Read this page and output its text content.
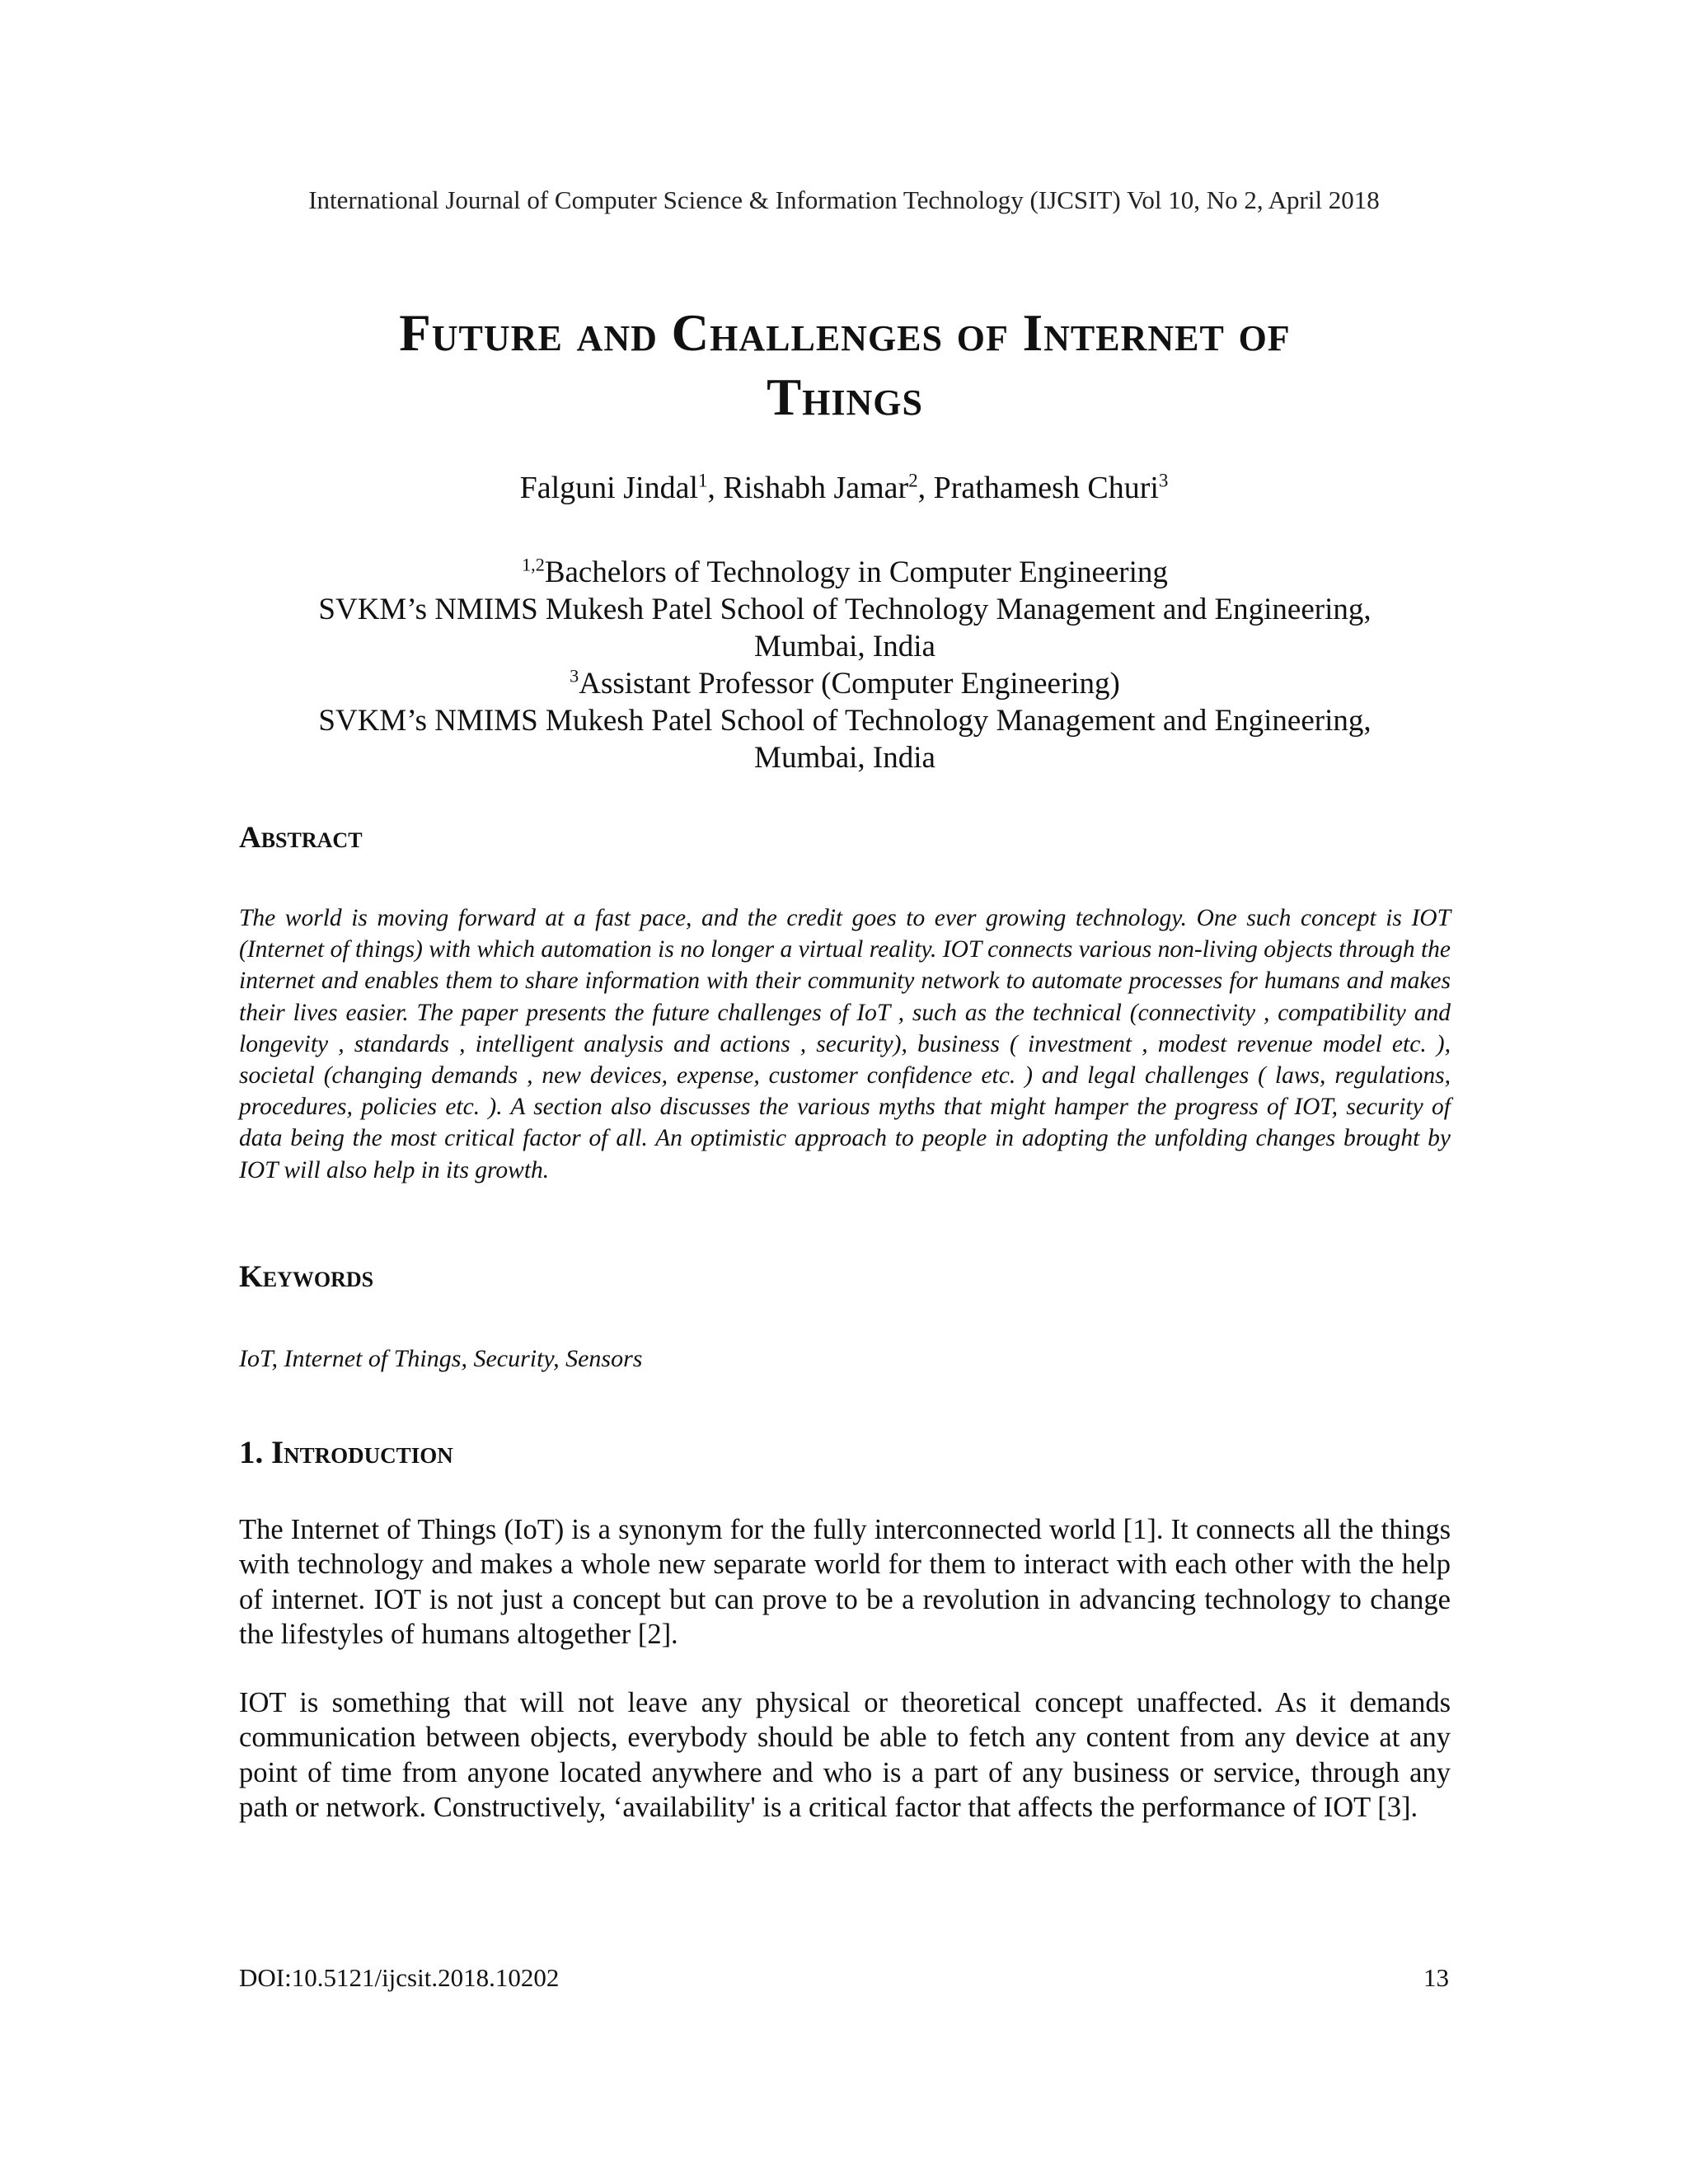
International Journal of Computer Science & Information Technology (IJCSIT) Vol 10, No 2, April 2018
Future and Challenges of Internet of
Things
Falguni Jindal$^1$, Rishabh Jamar$^2$, Prathamesh Churi$^3$
$^{1,2}$Bachelors of Technology in Computer Engineering
SVKM’s NMIMS Mukesh Patel School of Technology Management and Engineering,
Mumbai, India
$^3$Assistant Professor (Computer Engineering)
SVKM’s NMIMS Mukesh Patel School of Technology Management and Engineering,
Mumbai, India
Abstract
The world is moving forward at a fast pace, and the credit goes to ever growing technology. One such concept is IOT (Internet of things) with which automation is no longer a virtual reality. IOT connects various non-living objects through the internet and enables them to share information with their community network to automate processes for humans and makes their lives easier. The paper presents the future challenges of IoT , such as the technical (connectivity , compatibility and longevity , standards , intelligent analysis and actions , security), business ( investment , modest revenue model etc. ), societal (changing demands , new devices, expense, customer confidence etc. ) and legal challenges ( laws, regulations, procedures, policies etc. ). A section also discusses the various myths that might hamper the progress of IOT, security of data being the most critical factor of all. An optimistic approach to people in adopting the unfolding changes brought by IOT will also help in its growth.
Keywords
IoT, Internet of Things, Security, Sensors
1. Introduction
The Internet of Things (IoT) is a synonym for the fully interconnected world [1]. It connects all the things with technology and makes a whole new separate world for them to interact with each other with the help of internet. IOT is not just a concept but can prove to be a revolution in advancing technology to change the lifestyles of humans altogether [2].
IOT is something that will not leave any physical or theoretical concept unaffected. As it demands communication between objects, everybody should be able to fetch any content from any device at any point of time from anyone located anywhere and who is a part of any business or service, through any path or network. Constructively, ‘availability' is a critical factor that affects the performance of IOT [3].
DOI:10.5121/ijcsit.2018.10202	13
